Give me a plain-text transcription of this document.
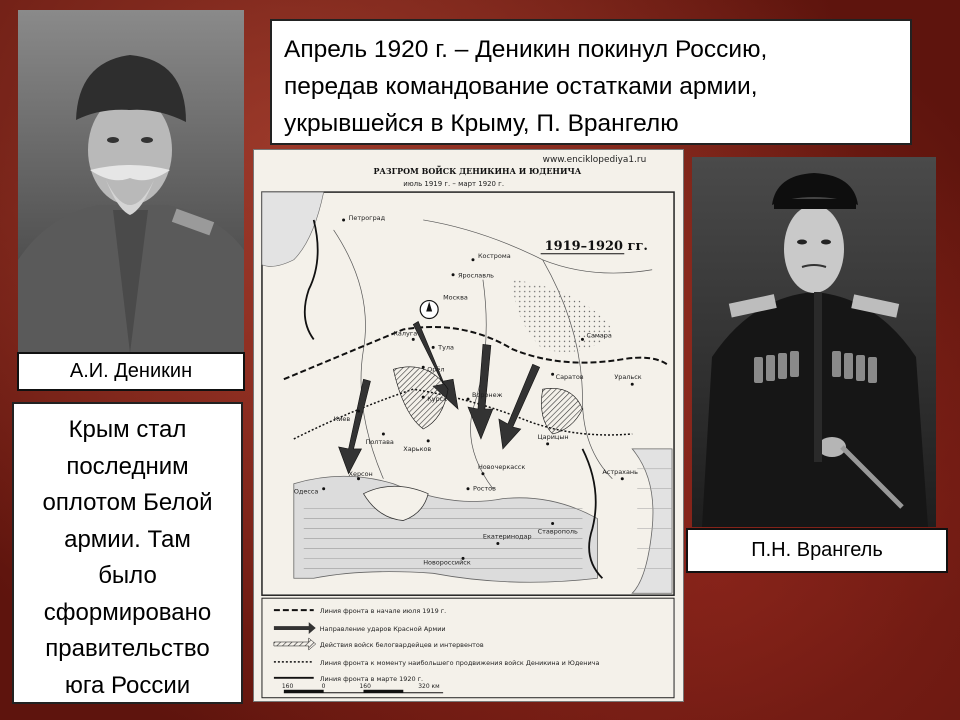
А.И. Деникин
Апрель 1920 г. – Деникин покинул Россию,
передав командование остатками армии,
укрывшейся в Крыму, П. Врангелю
Крым стал
последним
оплотом Белой
армии. Там
было
сформировано
правительство
юга России
www.enciklopediya1.ru
РАЗГРОМ ВОЙСК ДЕНИКИНА И ЮДЕНИЧА
июль 1919 г. – март 1920 г.
1919–1920 гг.
Москва
Калуга
Тула
Орёл
Курск	Воронеж
Харьков
Киев
Полтава
Царицын
Ростов
Новочеркасск
Екатеринодар
Новороссийск
Одесса
Херсон
Самара
Саратов	Уральск
Ставрополь
Астрахань
Кострома
Ярославль
Петроград
Линия фронта в начале июля 1919 г.
Направление ударов Красной Армии
Действия войск белогвардейцев и интервентов
Линия фронта к моменту наибольшего продвижения войск Деникина и Юденича
Линия фронта в марте 1920 г.
160	0	160	320 км
П.Н. Врангель
